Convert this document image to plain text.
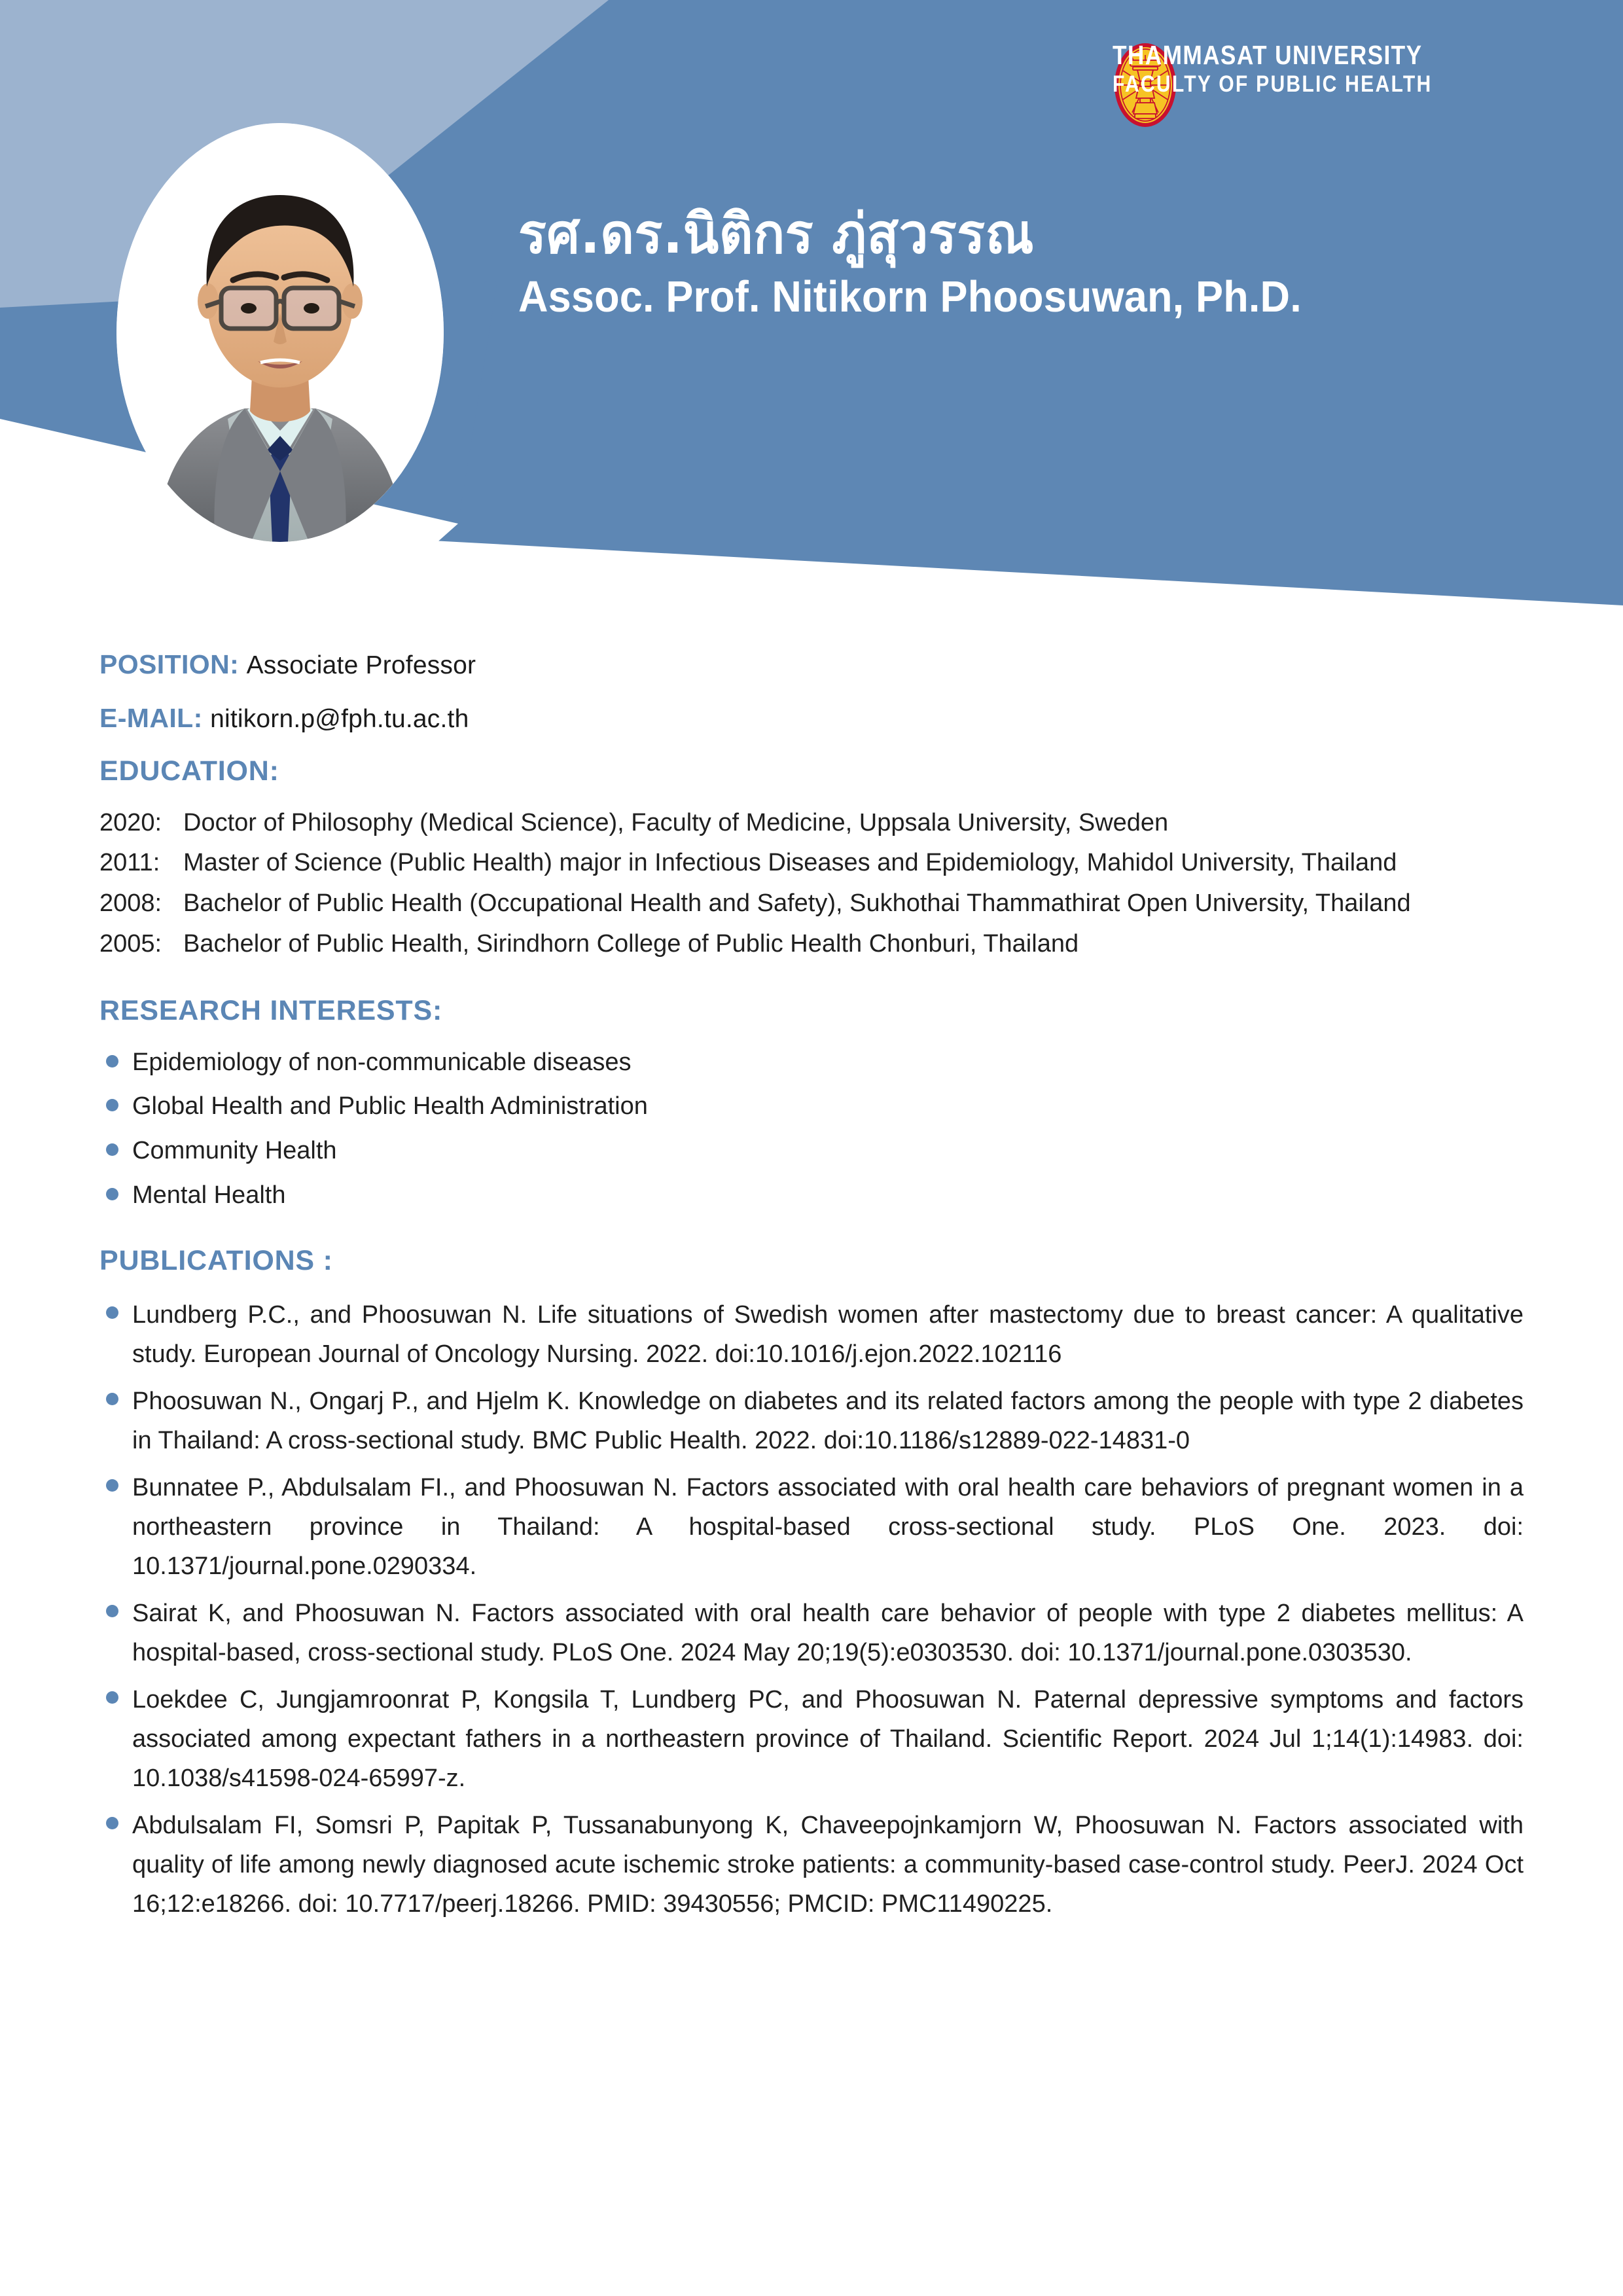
THAMMASAT UNIVERSITY
FACULTY OF PUBLIC HEALTH
รศ.ดร.นิติกร ภู่สุวรรณ
Assoc. Prof. Nitikorn Phoosuwan, Ph.D.
POSITION: Associate Professor
E-MAIL: nitikorn.p@fph.tu.ac.th
EDUCATION:
2020:	Doctor of Philosophy (Medical Science), Faculty of Medicine, Uppsala University, Sweden
2011:	Master of Science (Public Health) major in Infectious Diseases and Epidemiology, Mahidol University, Thailand
2008:	Bachelor of Public Health (Occupational Health and Safety), Sukhothai Thammathirat Open University, Thailand
2005:	Bachelor of Public Health, Sirindhorn College of Public Health Chonburi, Thailand
RESEARCH INTERESTS:
Epidemiology of non-communicable diseases
Global Health and Public Health Administration
Community Health
Mental Health
PUBLICATIONS :
Lundberg P.C., and Phoosuwan N. Life situations of Swedish women after mastectomy due to breast cancer: A qualitative study. European Journal of Oncology Nursing. 2022. doi:10.1016/j.ejon.2022.102116
Phoosuwan N., Ongarj P., and Hjelm K. Knowledge on diabetes and its related factors among the people with type 2 diabetes in Thailand: A cross-sectional study. BMC Public Health. 2022. doi:10.1186/s12889-022-14831-0
Bunnatee P., Abdulsalam FI., and Phoosuwan N. Factors associated with oral health care behaviors of pregnant women in a northeastern province in Thailand: A hospital-based cross-sectional study. PLoS One. 2023. doi: 10.1371/journal.pone.0290334.
Sairat K, and Phoosuwan N. Factors associated with oral health care behavior of people with type 2 diabetes mellitus: A hospital-based, cross-sectional study. PLoS One. 2024 May 20;19(5):e0303530. doi: 10.1371/journal.pone.0303530.
Loekdee C, Jungjamroonrat P, Kongsila T, Lundberg PC, and Phoosuwan N. Paternal depressive symptoms and factors associated among expectant fathers in a northeastern province of Thailand. Scientific Report. 2024 Jul 1;14(1):14983. doi: 10.1038/s41598-024-65997-z.
Abdulsalam FI, Somsri P, Papitak P, Tussanabunyong K, Chaveepojnkamjorn W, Phoosuwan N. Factors associated with quality of life among newly diagnosed acute ischemic stroke patients: a community-based case-control study. PeerJ. 2024 Oct 16;12:e18266. doi: 10.7717/peerj.18266. PMID: 39430556; PMCID: PMC11490225.
